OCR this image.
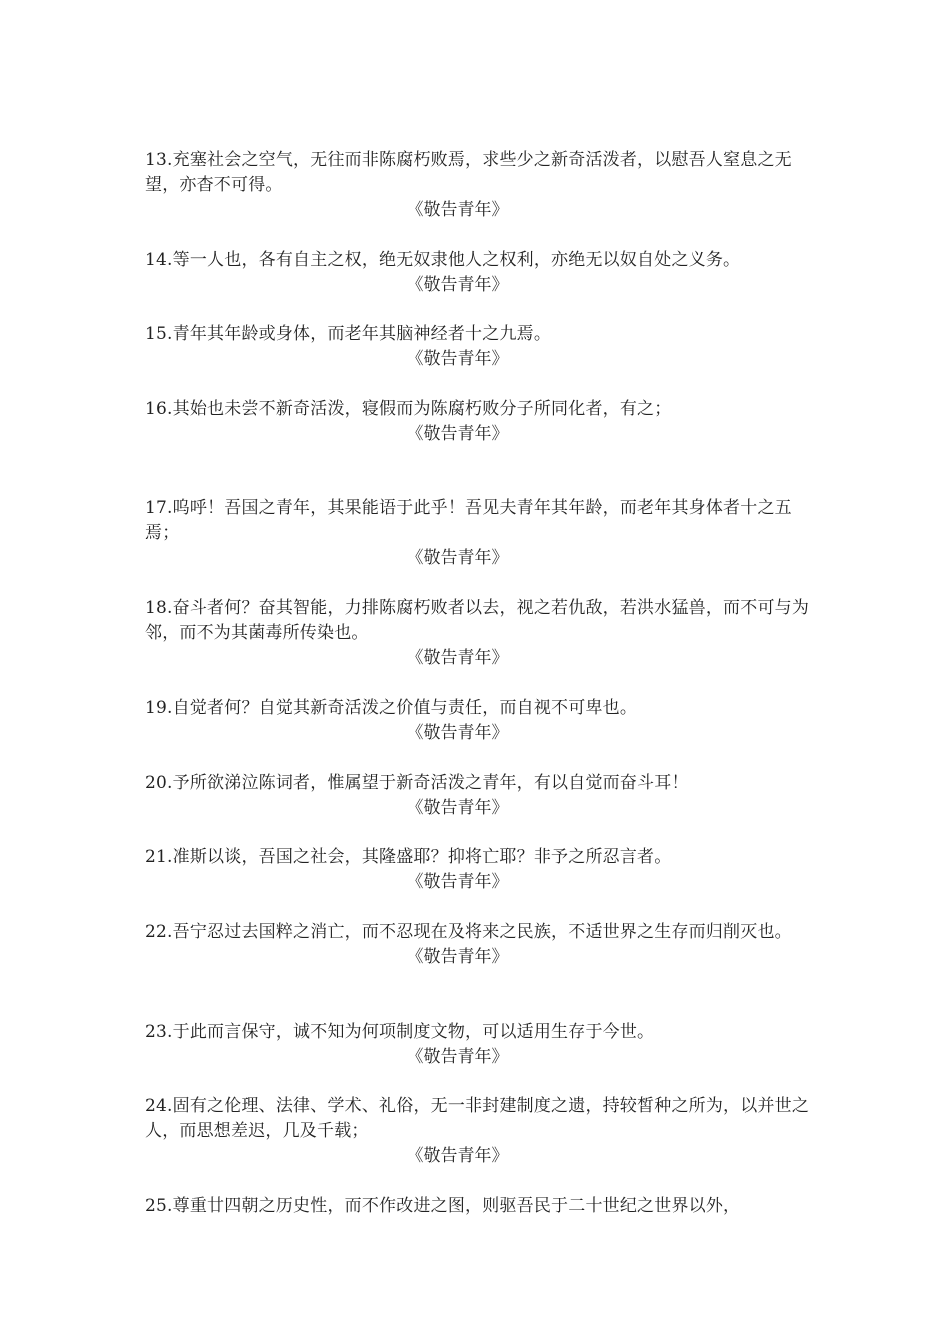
13.充塞社会之空气，无往而非陈腐朽败焉，求些少之新奇活泼者，以慰吾人窒息之无望，亦杳不可得。

《敬告青年》

14.等一人也，各有自主之权，绝无奴隶他人之权利，亦绝无以奴自处之义务。

《敬告青年》

15.青年其年龄或身体，而老年其脑神经者十之九焉。

《敬告青年》

16.其始也未尝不新奇活泼，寝假而为陈腐朽败分子所同化者，有之；

《敬告青年》

17.呜呼！吾国之青年，其果能语于此乎！吾见夫青年其年龄，而老年其身体者十之五焉；

《敬告青年》

18.奋斗者何？奋其智能，力排陈腐朽败者以去，视之若仇敌，若洪水猛兽，而不可与为邻，而不为其菌毒所传染也。

《敬告青年》

19.自觉者何？自觉其新奇活泼之价值与责任，而自视不可卑也。

《敬告青年》

20.予所欲涕泣陈词者，惟属望于新奇活泼之青年，有以自觉而奋斗耳！

《敬告青年》

21.准斯以谈，吾国之社会，其隆盛耶？抑将亡耶？非予之所忍言者。

《敬告青年》

22.吾宁忍过去国粹之消亡，而不忍现在及将来之民族，不适世界之生存而归削灭也。

《敬告青年》

23.于此而言保守，诚不知为何项制度文物，可以适用生存于今世。

《敬告青年》

24.固有之伦理、法律、学术、礼俗，无一非封建制度之遗，持较皙种之所为，以并世之人，而思想差迟，几及千载；

《敬告青年》

25.尊重廿四朝之历史性，而不作改进之图，则驱吾民于二十世纪之世界以外，
